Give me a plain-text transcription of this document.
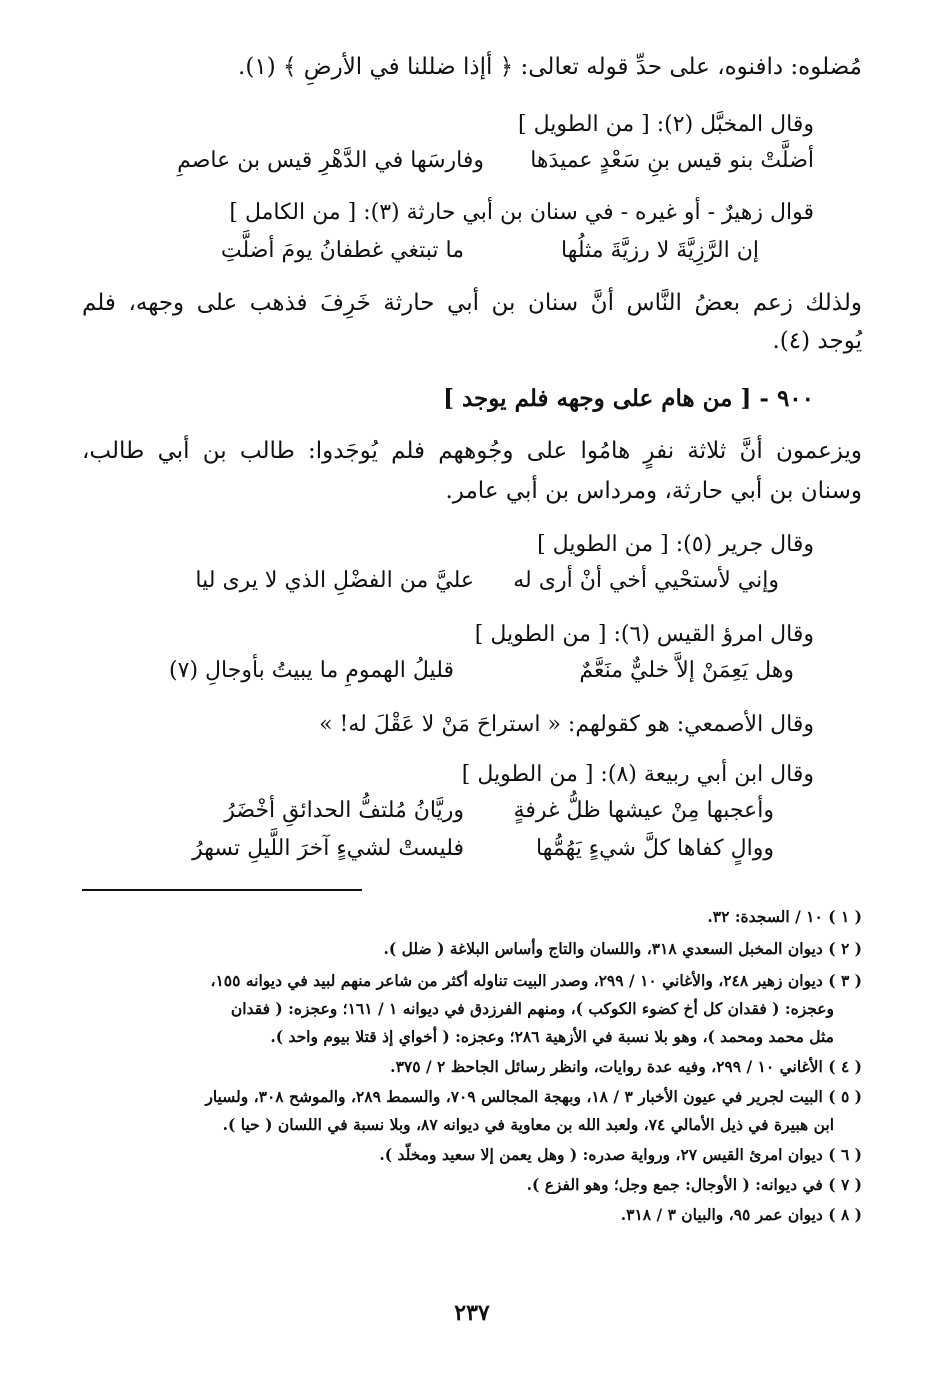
مُضلوه: دافنوه، على حدِّ قوله تعالى: ﴿ أإذا ضللنا في الأرضِ ﴾ (١).
وقال المخبَّل (٢): [ من الطويل ]
أضلَّتْ بنو قيس بنِ سَعْدٍ عميدَها
وفارسَها في الدَّهْرِ قيس بن عاصمِ
قوال زهيرٌ - أو غيره - في سنان بن أبي حارثة (٣): [ من الكامل ]
إن الرَّزِيَّةَ لا رزيَّةَ مثلُها
ما تبتغي غطفانُ يومَ أضلَّتِ
ولذلك زعم بعضُ النَّاس أنَّ سنان بن أبي حارثة خَرِفَ فذهب على وجهه، فلم
يُوجد (٤).
٩٠٠ - [ من هام على وجهه فلم يوجد ]
ويزعمون أنَّ ثلاثة نفرٍ هامُوا على وجُوههم فلم يُوجَدوا: طالب بن أبي طالب،
وسنان بن أبي حارثة، ومرداس بن أبي عامر.
وقال جرير (٥): [ من الطويل ]
وإني لأستحْيي أخي أنْ أرى له
عليَّ من الفضْلِ الذي لا يرى ليا
وقال امرؤ القيس (٦): [ من الطويل ]
وهل يَعِمَنْ إلاَّ خليٌّ منَعَّمٌ
قليلُ الهمومِ ما يبيتُ بأوجالِ (٧)
وقال الأصمعي: هو كقولهم: « استراحَ مَنْ لا عَقْلَ له! »
وقال ابن أبي ربيعة (٨): [ من الطويل ]
وأعجبها مِنْ عيشها ظلُّ غرفةٍ
وريَّانُ مُلتفُّ الحدائقِ أخْضَرُ
ووالٍ كفاها كلَّ شيءٍ يَهُمُّها
فليستْ لشيءٍ آخرَ اللَّيلِ تسهرُ
( ١ ) ١٠ / السجدة: ٣٢.
( ٢ ) ديوان المخبل السعدي ٣١٨، واللسان والتاج وأساس البلاغة ( ضلل ).
( ٣ ) ديوان زهير ٢٤٨، والأغاني ١٠ / ٢٩٩، وصدر البيت تناوله أكثر من شاعر منهم لبيد في ديوانه ١٥٥،
وعجزه: ( فقدان كل أخ كضوء الكوكب )، ومنهم الفرزدق في ديوانه ١ / ١٦١؛ وعجزه: ( فقدان
مثل محمد ومحمد )، وهو بلا نسبة في الأزهية ٢٨٦؛ وعجزه: ( أخواي إذ قتلا بيوم واحد ).
( ٤ ) الأغاني ١٠ / ٢٩٩، وفيه عدة روايات، وانظر رسائل الجاحظ ٢ / ٣٧٥.
( ٥ ) البيت لجرير في عيون الأخبار ٣ / ١٨، وبهجة المجالس ٧٠٩، والسمط ٢٨٩، والموشح ٣٠٨، ولسيار
ابن هبيرة في ذيل الأمالي ٧٤، ولعبد الله بن معاوية في ديوانه ٨٧، وبلا نسبة في اللسان ( حيا ).
( ٦ ) ديوان امرئ القيس ٢٧، ورواية صدره: ( وهل يعمن إلا سعيد ومخلّد ).
( ٧ ) في ديوانه: ( الأوجال: جمع وجل؛ وهو الفزع ).
( ٨ ) ديوان عمر ٩٥، والبيان ٣ / ٣١٨.
٢٣٧
